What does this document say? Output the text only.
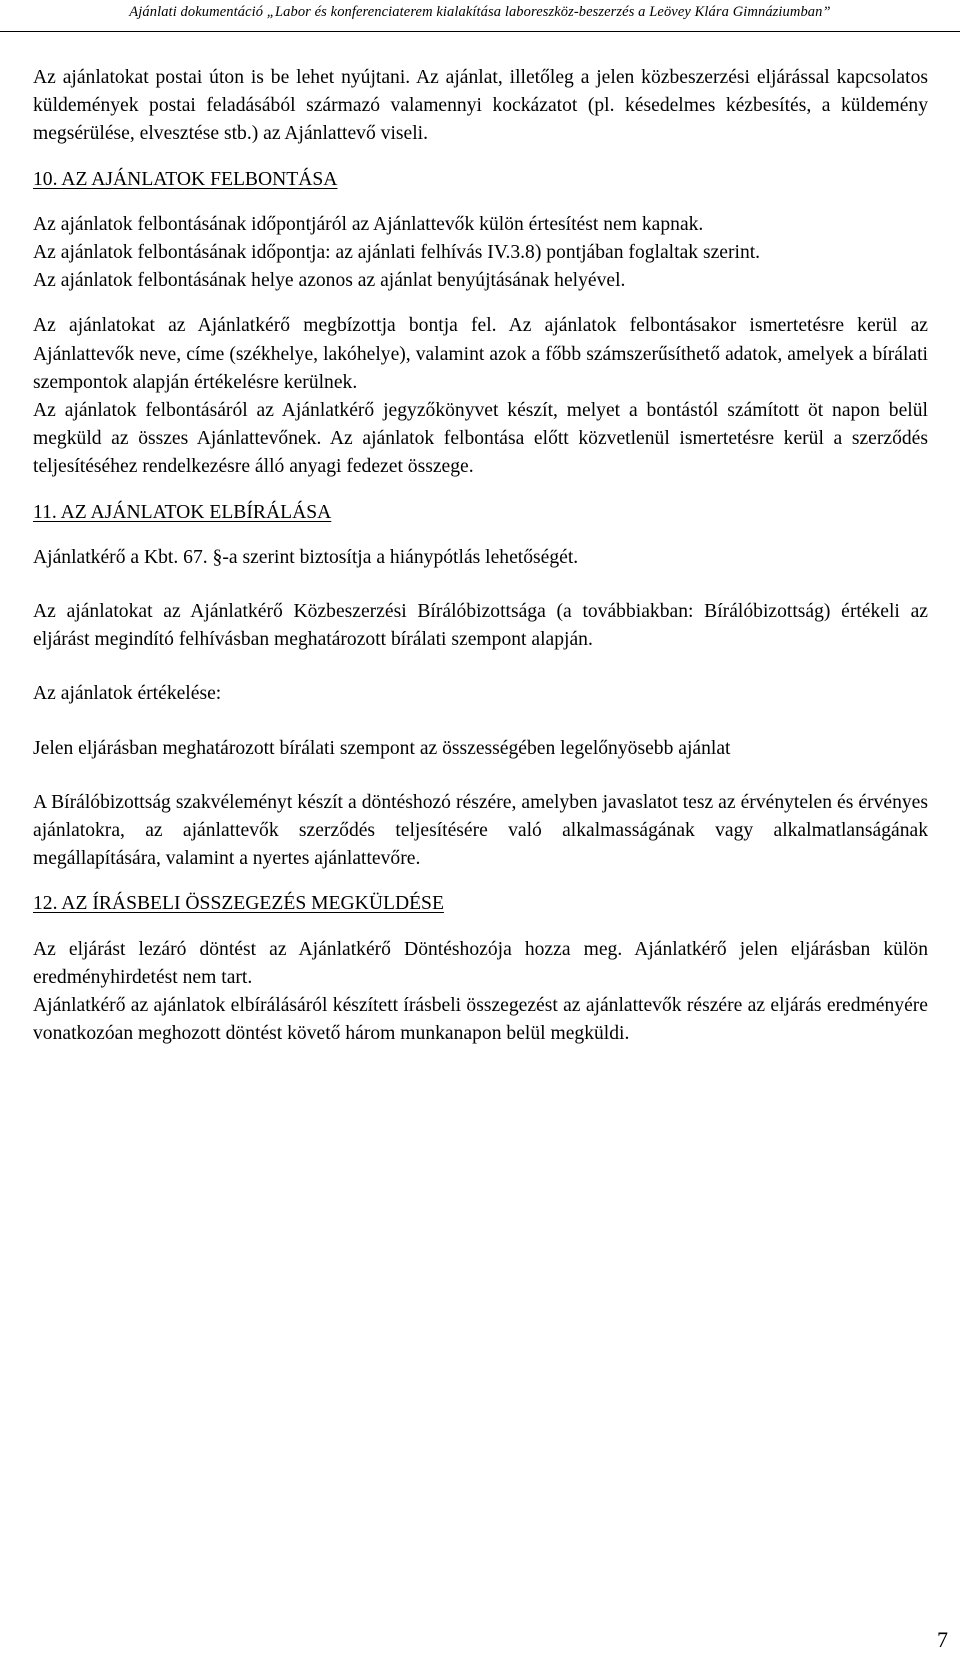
Ajánlati dokumentáció „Labor és konferenciaterem kialakítása laboreszköz-beszerzés a Leövey Klára Gimnáziumban”

Az ajánlatokat postai úton is be lehet nyújtani. Az ajánlat, illetőleg a jelen közbeszerzési eljárással kapcsolatos küldemények postai feladásából származó valamennyi kockázatot (pl. késedelmes kézbesítés, a küldemény megsérülése, elvesztése stb.) az Ajánlattevő viseli.

10. AZ AJÁNLATOK FELBONTÁSA

Az ajánlatok felbontásának időpontjáról az Ajánlattevők külön értesítést nem kapnak.

Az ajánlatok felbontásának időpontja: az ajánlati felhívás IV.3.8) pontjában foglaltak szerint.

Az ajánlatok felbontásának helye azonos az ajánlat benyújtásának helyével.

Az ajánlatokat az Ajánlatkérő megbízottja bontja fel. Az ajánlatok felbontásakor ismertetésre kerül az Ajánlattevők neve, címe (székhelye, lakóhelye), valamint azok a főbb számszerűsíthető adatok, amelyek a bírálati szempontok alapján értékelésre kerülnek.

Az ajánlatok felbontásáról az Ajánlatkérő jegyzőkönyvet készít, melyet a bontástól számított öt napon belül megküld az összes Ajánlattevőnek. Az ajánlatok felbontása előtt közvetlenül ismertetésre kerül a szerződés teljesítéséhez rendelkezésre álló anyagi fedezet összege.

11. AZ AJÁNLATOK ELBÍRÁLÁSA

Ajánlatkérő a Kbt. 67. §-a szerint biztosítja a hiánypótlás lehetőségét.

Az ajánlatokat az Ajánlatkérő Közbeszerzési Bírálóbizottsága (a továbbiakban: Bírálóbizottság) értékeli az eljárást megindító felhívásban meghatározott bírálati szempont alapján.

Az ajánlatok értékelése:

Jelen eljárásban meghatározott bírálati szempont az összességében legelőnyösebb ajánlat

A Bírálóbizottság szakvéleményt készít a döntéshozó részére, amelyben javaslatot tesz az érvénytelen és érvényes ajánlatokra, az ajánlattevők szerződés teljesítésére való alkalmasságának vagy alkalmatlanságának megállapítására, valamint a nyertes ajánlattevőre.

12. AZ ÍRÁSBELI ÖSSZEGEZÉS MEGKÜLDÉSE

Az eljárást lezáró döntést az Ajánlatkérő Döntéshozója hozza meg. Ajánlatkérő jelen eljárásban külön eredményhirdetést nem tart.

Ajánlatkérő az ajánlatok elbírálásáról készített írásbeli összegezést az ajánlattevők részére az eljárás eredményére vonatkozóan meghozott döntést követő három munkanapon belül megküldi.

7
